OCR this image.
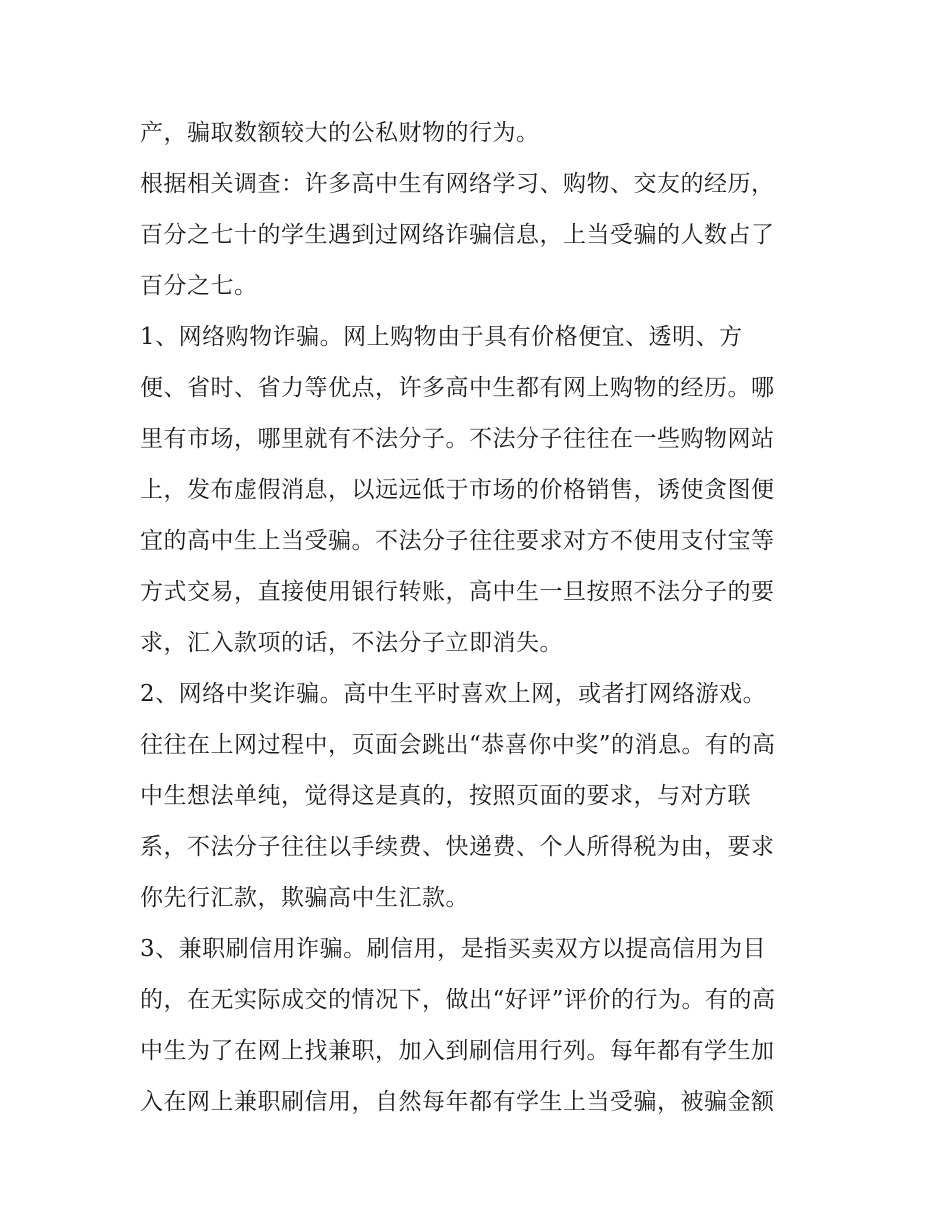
产，骗取数额较大的公私财物的行为。
根据相关调查：许多高中生有网络学习、购物、交友的经历，
百分之七十的学生遇到过网络诈骗信息，上当受骗的人数占了
百分之七。
1、网络购物诈骗。网上购物由于具有价格便宜、透明、方
便、省时、省力等优点，许多高中生都有网上购物的经历。哪
里有市场，哪里就有不法分子。不法分子往往在一些购物网站
上，发布虚假消息，以远远低于市场的价格销售，诱使贪图便
宜的高中生上当受骗。不法分子往往要求对方不使用支付宝等
方式交易，直接使用银行转账，高中生一旦按照不法分子的要
求，汇入款项的话，不法分子立即消失。
2、网络中奖诈骗。高中生平时喜欢上网，或者打网络游戏。
往往在上网过程中，页面会跳出“恭喜你中奖”的消息。有的高
中生想法单纯，觉得这是真的，按照页面的要求，与对方联
系，不法分子往往以手续费、快递费、个人所得税为由，要求
你先行汇款，欺骗高中生汇款。
3、兼职刷信用诈骗。刷信用，是指买卖双方以提高信用为目
的，在无实际成交的情况下，做出“好评”评价的行为。有的高
中生为了在网上找兼职，加入到刷信用行列。每年都有学生加
入在网上兼职刷信用，自然每年都有学生上当受骗，被骗金额
